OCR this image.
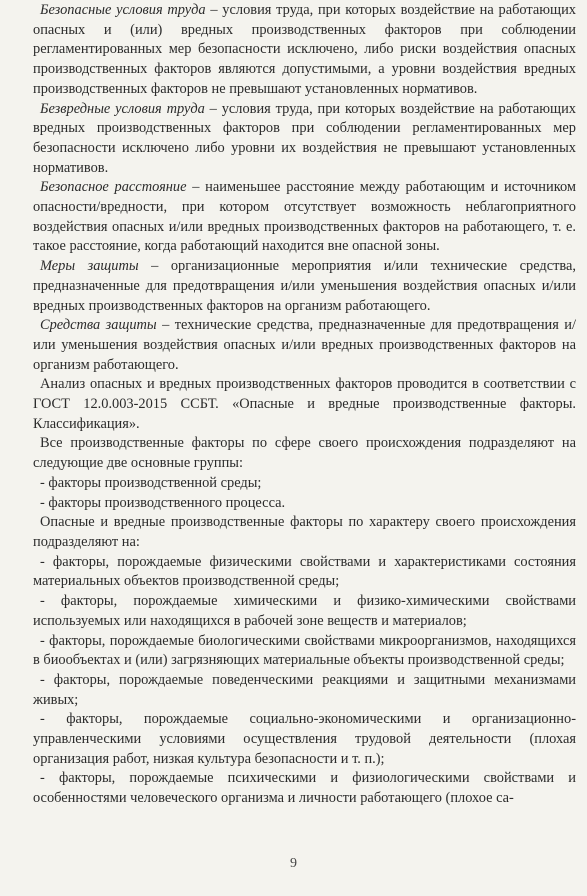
Безопасные условия труда – условия труда, при которых воздействие на работающих опасных и (или) вредных производственных факторов при соблюдении регламентированных мер безопасности исключено, либо риски воздействия опасных производственных факторов являются допустимыми, а уровни воздействия вредных производственных факторов не превышают установленных нормативов.
Безвредные условия труда – условия труда, при которых воздействие на работающих вредных производственных факторов при соблюдении регламентированных мер безопасности исключено либо уровни их воздействия не превышают установленных нормативов.
Безопасное расстояние – наименьшее расстояние между работающим и источником опасности/вредности, при котором отсутствует возможность неблагоприятного воздействия опасных и/или вредных производственных факторов на работающего, т. е. такое расстояние, когда работающий находится вне опасной зоны.
Меры защиты – организационные мероприятия и/или технические средства, предназначенные для предотвращения и/или уменьшения воздействия опасных и/или вредных производственных факторов на организм работающего.
Средства защиты – технические средства, предназначенные для предотвращения и/или уменьшения воздействия опасных и/или вредных производственных факторов на организм работающего.
Анализ опасных и вредных производственных факторов проводится в соответствии с ГОСТ 12.0.003-2015 ССБТ. «Опасные и вредные производственные факторы. Классификация».
Все производственные факторы по сфере своего происхождения подразделяют на следующие две основные группы:
- факторы производственной среды;
- факторы производственного процесса.
Опасные и вредные производственные факторы по характеру своего происхождения подразделяют на:
- факторы, порождаемые физическими свойствами и характеристиками состояния материальных объектов производственной среды;
- факторы, порождаемые химическими и физико-химическими свойствами используемых или находящихся в рабочей зоне веществ и материалов;
- факторы, порождаемые биологическими свойствами микроорганизмов, находящихся в биообъектах и (или) загрязняющих материальные объекты производственной среды;
- факторы, порождаемые поведенческими реакциями и защитными механизмами живых;
- факторы, порождаемые социально-экономическими и организационно-управленческими условиями осуществления трудовой деятельности (плохая организация работ, низкая культура безопасности и т. п.);
- факторы, порождаемые психическими и физиологическими свойствами и особенностями человеческого организма и личности работающего (плохое са-
9
